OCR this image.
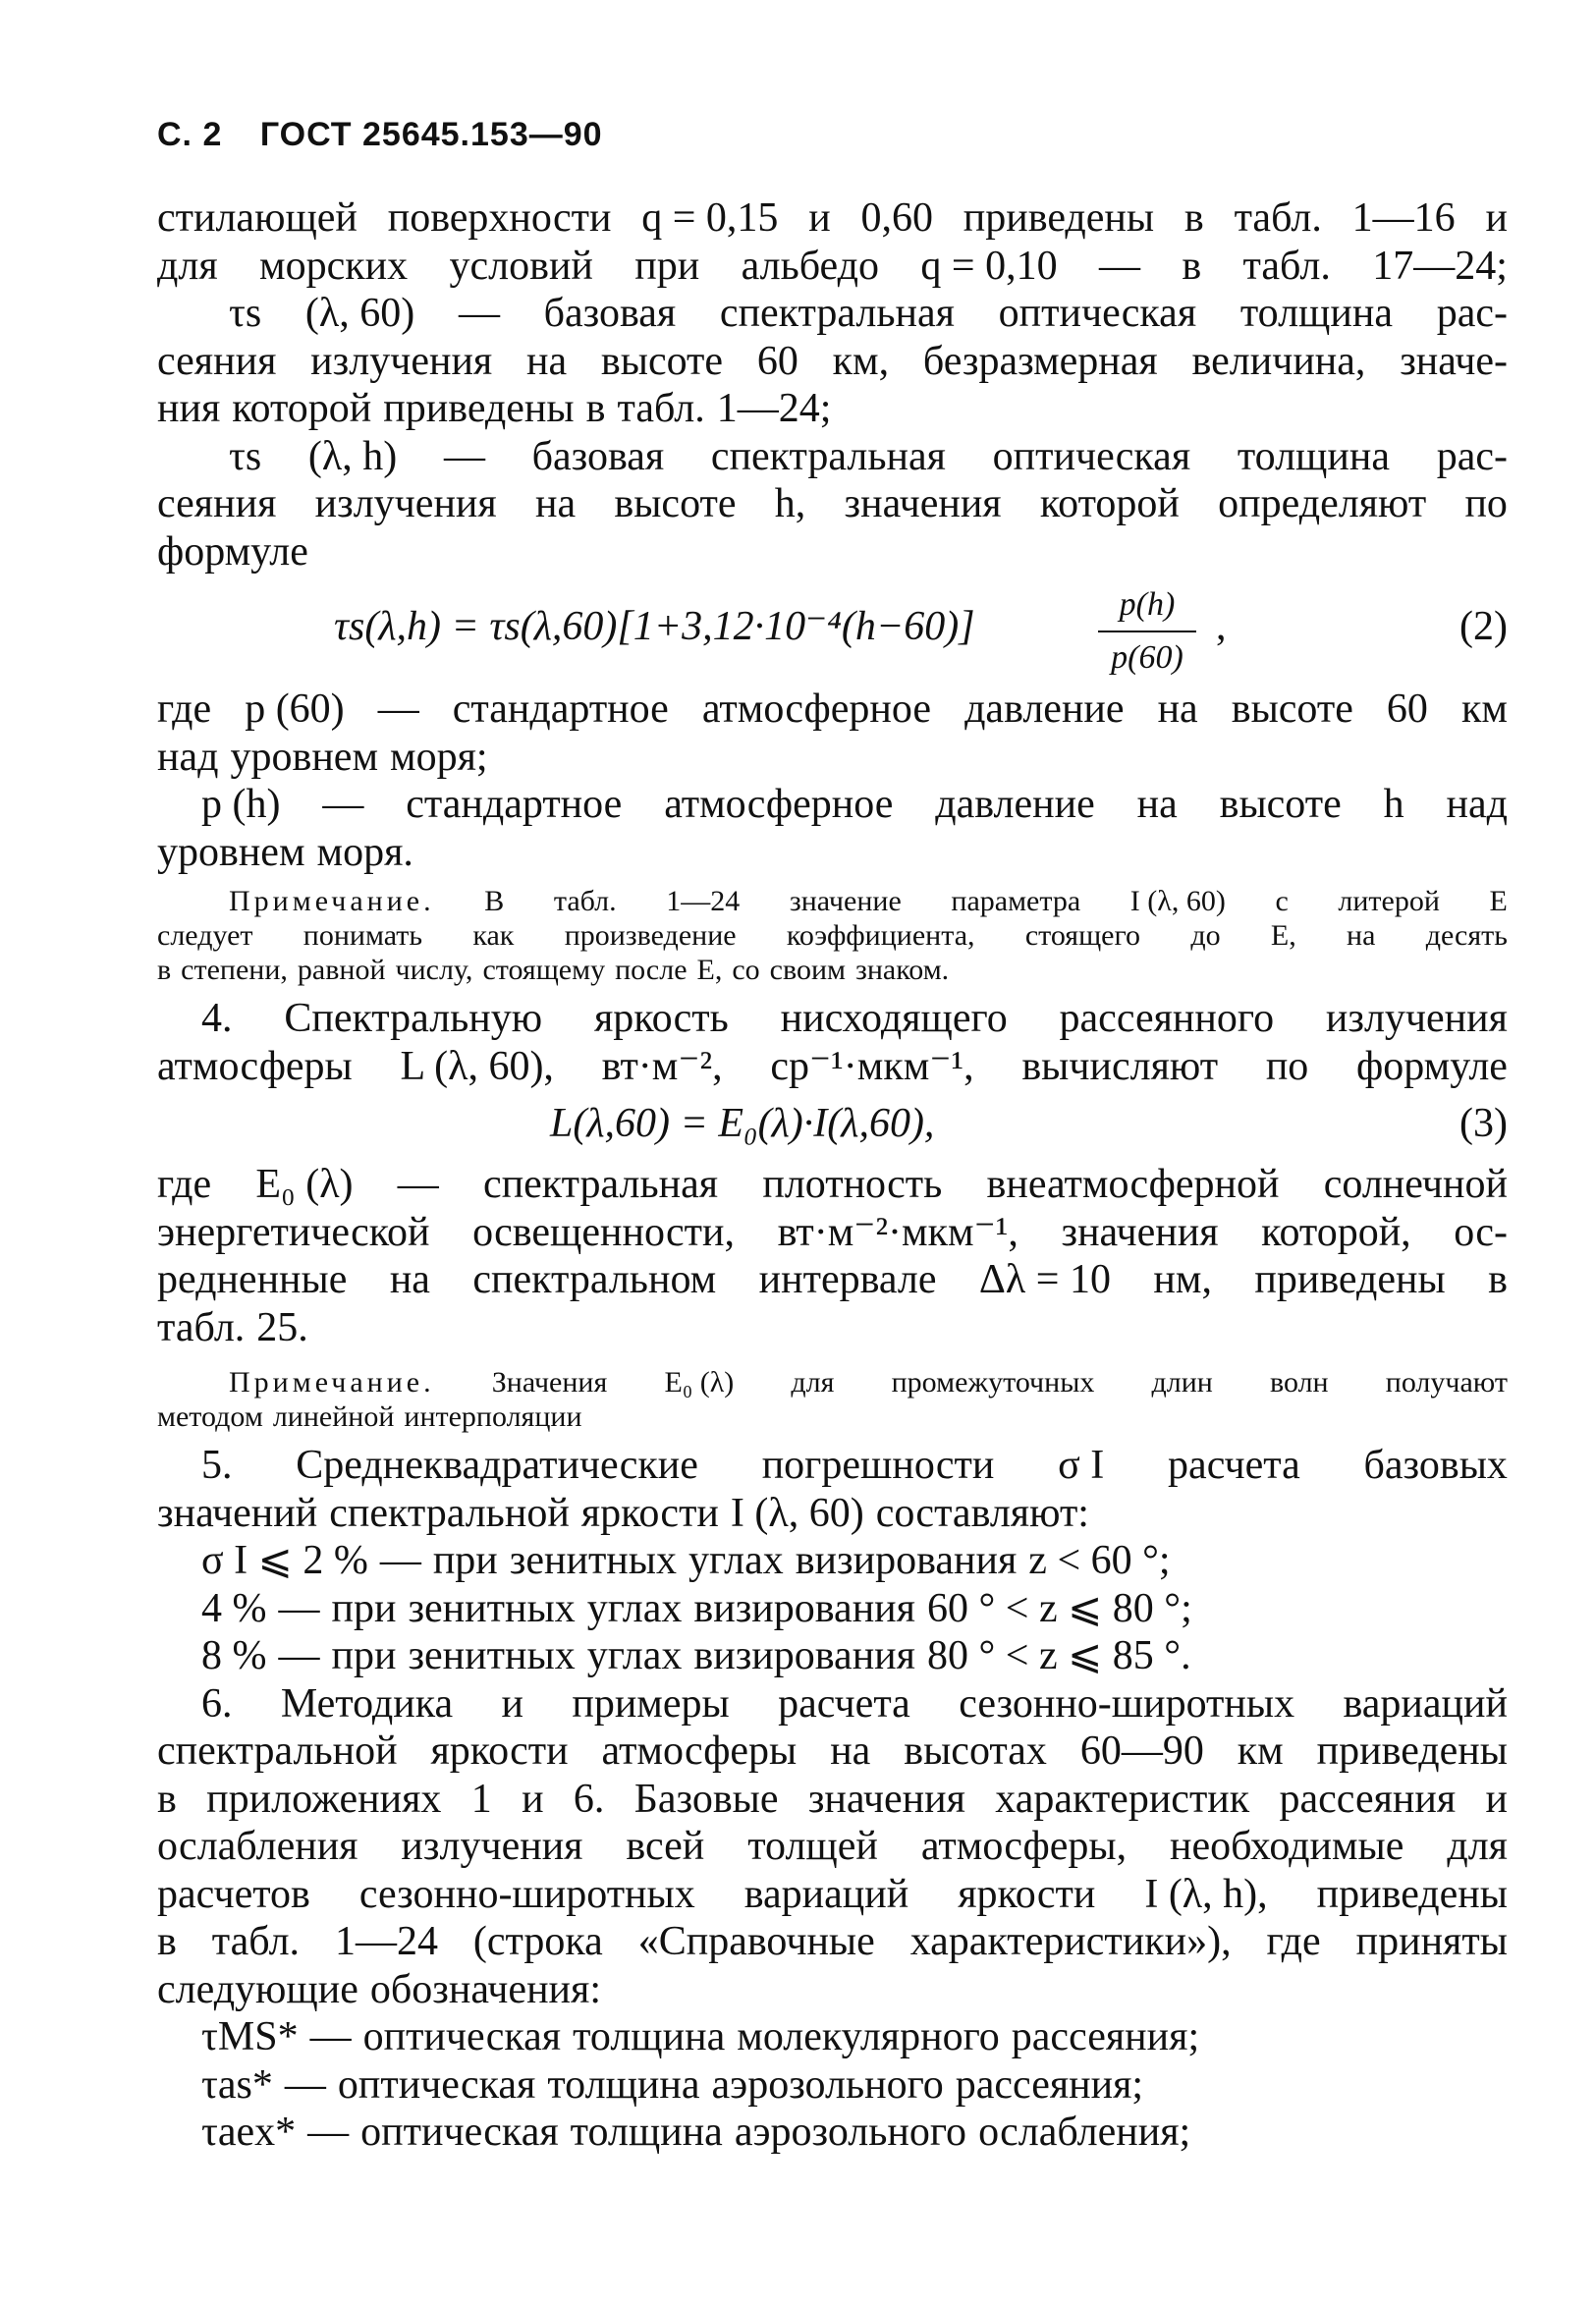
С. 2 ГОСТ 25645.153—90
стилающей поверхности q = 0,15 и 0,60 приведены в табл. 1—16 и
для морских условий при альбедо q = 0,10 — в табл. 17—24;
τs (λ, 60) — базовая спектральная оптическая толщина рас-
сеяния излучения на высоте 60 км, безразмерная величина, значе-
ния которой приведены в табл. 1—24;
τs (λ, h) — базовая спектральная оптическая толщина рас-
сеяния излучения на высоте h, значения которой определяют по
формуле
τs(λ,h) = τs(λ,60)[1+3,12·10⁻⁴(h−60)]	p(h)
p(60)
,	(2)
где p (60) — стандартное атмосферное давление на высоте 60 км
над уровнем моря;
p (h) — стандартное атмосферное давление на высоте h над
уровнем моря.
Примечание. В табл. 1—24 значение параметра I (λ, 60) с литерой Е
следует понимать как произведение коэффициента, стоящего до Е, на десять
в степени, равной числу, стоящему после Е, со своим знаком.
4. Спектральную яркость нисходящего рассеянного излучения
атмосферы L (λ, 60), вт·м⁻², ср⁻¹·мкм⁻¹, вычисляют по формуле
L(λ,60) = E₀(λ)·I(λ,60),	(3)
где E₀ (λ) — спектральная плотность внеатмосферной солнечной
энергетической освещенности, вт·м⁻²·мкм⁻¹, значения которой, ос-
редненные на спектральном интервале Δλ = 10 нм, приведены в
табл. 25.
Примечание. Значения E₀ (λ) для промежуточных длин волн получают
методом линейной интерполяции
5. Среднеквадратические погрешности σ I расчета базовых
значений спектральной яркости I (λ, 60) составляют:
σ I ⩽ 2 % — при зенитных углах визирования z < 60 °;
4 % — при зенитных углах визирования 60 ° < z ⩽ 80 °;
8 % — при зенитных углах визирования 80 ° < z ⩽ 85 °.
6. Методика и примеры расчета сезонно-широтных вариаций
спектральной яркости атмосферы на высотах 60—90 км приведены
в приложениях 1 и 6. Базовые значения характеристик рассеяния и
ослабления излучения всей толщей атмосферы, необходимые для
расчетов сезонно-широтных вариаций яркости I (λ, h), приведены
в табл. 1—24 (строка «Справочные характеристики»), где приняты
следующие обозначения:
τMS* — оптическая толщина молекулярного рассеяния;
τas* — оптическая толщина аэрозольного рассеяния;
τaex* — оптическая толщина аэрозольного ослабления;
